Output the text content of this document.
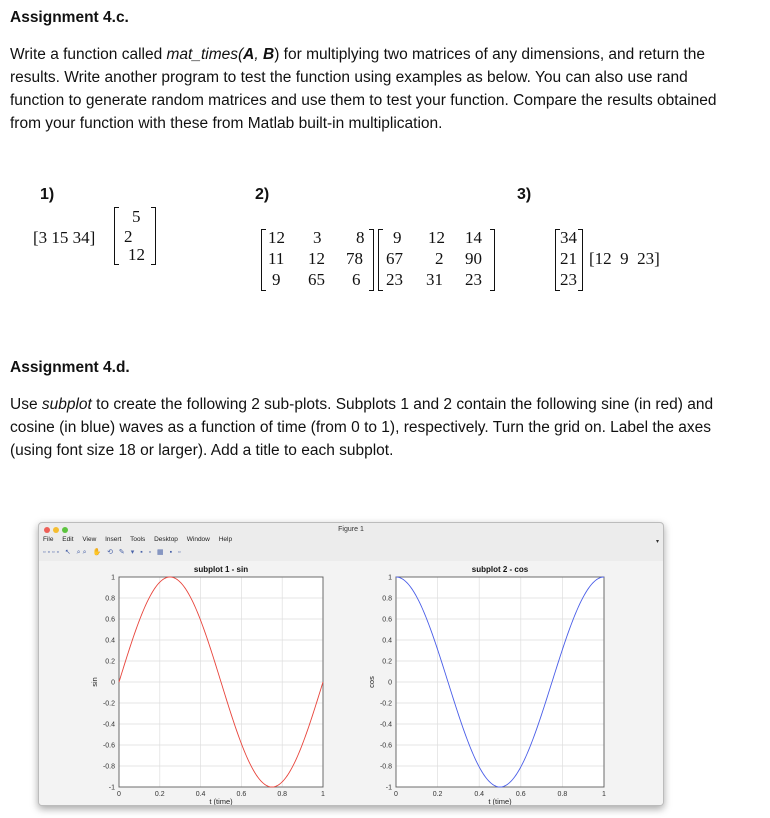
Assignment 4.c.
Write a function called mat_times(A, B) for multiplying two matrices of any dimensions, and return the
results. Write another program to test the function using examples as below. You can also use rand
function to generate random matrices and use them to test your function. Compare the results obtained
from your function with these from Matlab built-in multiplication.
1)
[3 15 34]
5
2
12
2)
12 3 8
11 12 78
9 65 6
9 12 14
67 2 90
23 31 23
3)
34
21
23
[12  9  23]
Assignment 4.d.
Use subplot to create the following 2 sub-plots. Subplots 1 and 2 contain the following sine (in red) and
cosine (in blue) waves as a function of time (from 0 to 1), respectively. Turn the grid on. Label the axes
(using font size 18 or larger). Add a title to each subplot.
Figure 1
▾
File Edit View Insert Tools Desktop Window Help
▫▫▫▫ ↖ ⌕⌕ ✋ ⟲ ✎ ▾ ▪ ▫ ▦ ▪ ▫
0	0.2	0.4	0.6	0.8	1
1
0.8
0.6
0.4
0.2
0
-0.2
-0.4
-0.6
-0.8
-1
subplot 1 - sin
t (time)
sin
0	0.2	0.4	0.6	0.8	1
1
0.8
0.6
0.4
0.2
0
-0.2
-0.4
-0.6
-0.8
-1
subplot 2 - cos
t (time)
cos
